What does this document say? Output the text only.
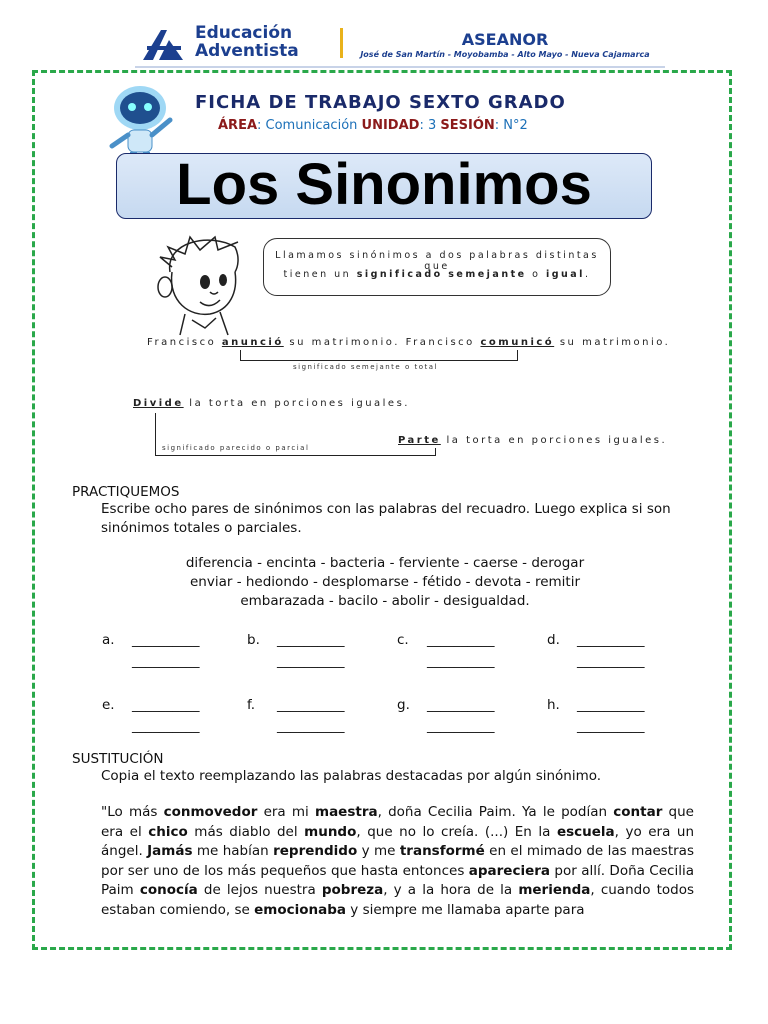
Educación
Adventista
ASEANOR
José de San Martín - Moyobamba - Alto Mayo - Nueva Cajamarca
FICHA DE TRABAJO SEXTO GRADO
ÁREA: Comunicación UNIDAD: 3 SESIÓN: N°2
Los Sinonimos
Llamamos sinónimos a dos palabras distintas que
tienen un significado semejante o igual.
Francisco anunció su matrimonio. Francisco comunicó su matrimonio.
significado semejante o total
Divide la torta en porciones iguales.
Parte la torta en porciones iguales.
significado parecido o parcial
PRACTIQUEMOS
Escribe ocho pares de sinónimos con las palabras del recuadro. Luego explica si son sinónimos totales o parciales.
diferencia - encinta - bacteria - ferviente - caerse - derogar
enviar - hediondo - desplomarse - fétido - devota - remitir
embarazada - bacilo - abolir - desigualdad.
a. __________
__________
b. __________
__________
c. __________
__________
d. __________
__________
e. __________
__________
f. __________
__________
g. __________
__________
h. __________
__________
SUSTITUCIÓN
Copia el texto reemplazando las palabras destacadas por algún sinónimo.
"Lo más conmovedor era mi maestra, doña Cecilia Paim. Ya le podían contar que era el chico más diablo del mundo, que no lo creía. (...) En la escuela, yo era un ángel. Jamás me habían reprendido y me transformé en el mimado de las maestras por ser uno de los más pequeños que hasta entonces apareciera por allí. Doña Cecilia Paim conocía de lejos nuestra pobreza, y a la hora de la merienda, cuando todos estaban comiendo, se emocionaba y siempre me llamaba aparte para
